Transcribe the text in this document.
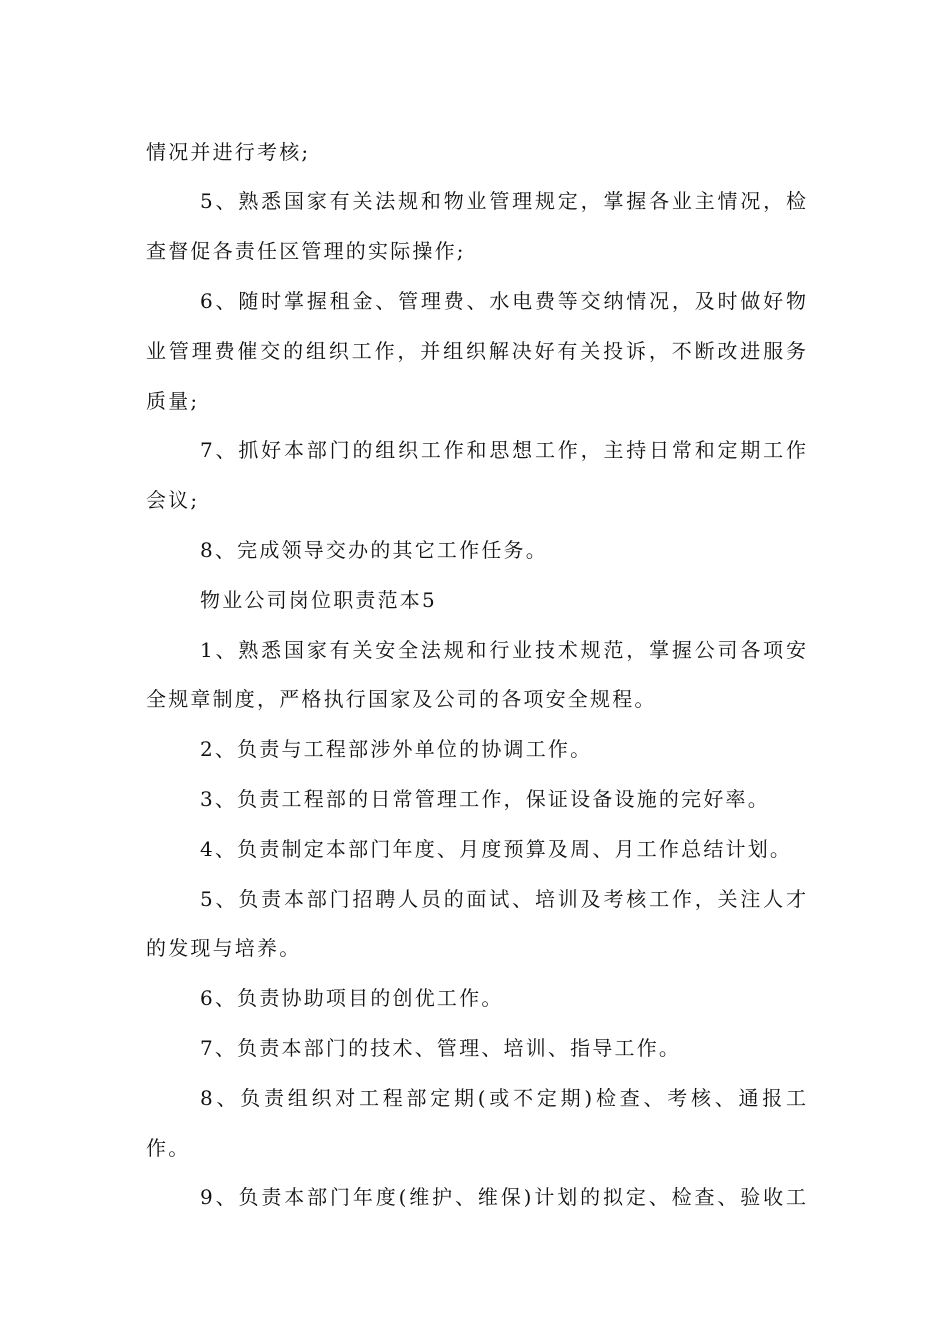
情况并进行考核;
5、熟悉国家有关法规和物业管理规定，掌握各业主情况，检
查督促各责任区管理的实际操作;
6、随时掌握租金、管理费、水电费等交纳情况，及时做好物
业管理费催交的组织工作，并组织解决好有关投诉，不断改进服务
质量;
7、抓好本部门的组织工作和思想工作，主持日常和定期工作
会议;
8、完成领导交办的其它工作任务。
物业公司岗位职责范本5
1、熟悉国家有关安全法规和行业技术规范，掌握公司各项安
全规章制度，严格执行国家及公司的各项安全规程。
2、负责与工程部涉外单位的协调工作。
3、负责工程部的日常管理工作，保证设备设施的完好率。
4、负责制定本部门年度、月度预算及周、月工作总结计划。
5、负责本部门招聘人员的面试、培训及考核工作，关注人才
的发现与培养。
6、负责协助项目的创优工作。
7、负责本部门的技术、管理、培训、指导工作。
8、负责组织对工程部定期(或不定期)检查、考核、通报工
作。
9、负责本部门年度(维护、维保)计划的拟定、检查、验收工
